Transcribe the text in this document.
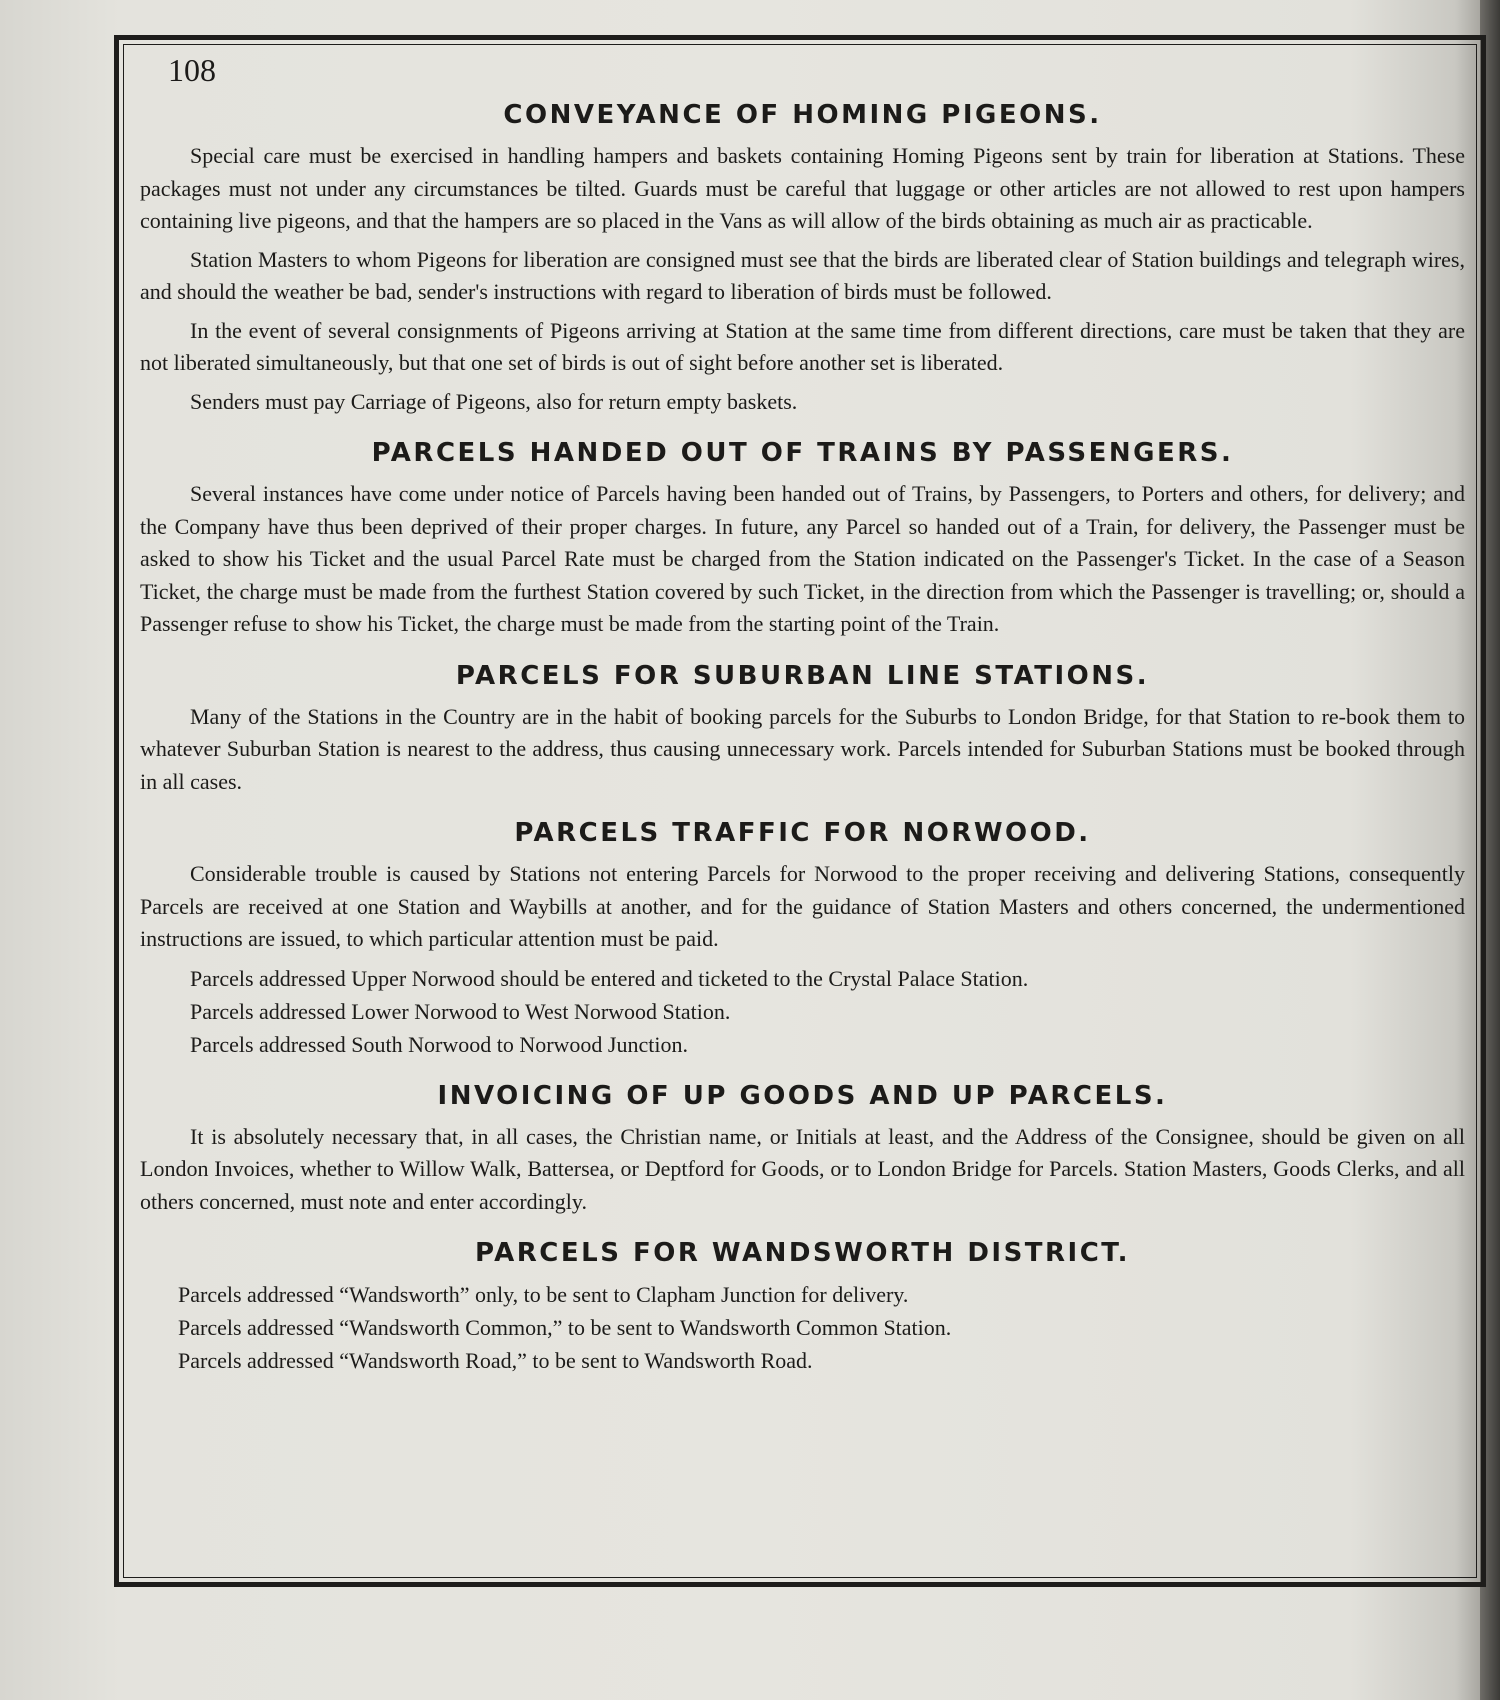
108
CONVEYANCE OF HOMING PIGEONS.

Special care must be exercised in handling hampers and baskets containing Homing Pigeons sent by train for liberation at Stations. These packages must not under any circumstances be tilted. Guards must be careful that luggage or other articles are not allowed to rest upon hampers containing live pigeons, and that the hampers are so placed in the Vans as will allow of the birds obtaining as much air as practicable.

Station Masters to whom Pigeons for liberation are consigned must see that the birds are liberated clear of Station buildings and telegraph wires, and should the weather be bad, sender's instructions with regard to liberation of birds must be followed.

In the event of several consignments of Pigeons arriving at Station at the same time from different directions, care must be taken that they are not liberated simultaneously, but that one set of birds is out of sight before another set is liberated.

Senders must pay Carriage of Pigeons, also for return empty baskets.

PARCELS HANDED OUT OF TRAINS BY PASSENGERS.

Several instances have come under notice of Parcels having been handed out of Trains, by Passengers, to Porters and others, for delivery; and the Company have thus been deprived of their proper charges. In future, any Parcel so handed out of a Train, for delivery, the Passenger must be asked to show his Ticket and the usual Parcel Rate must be charged from the Station indicated on the Passenger's Ticket. In the case of a Season Ticket, the charge must be made from the furthest Station covered by such Ticket, in the direction from which the Passenger is travelling; or, should a Passenger refuse to show his Ticket, the charge must be made from the starting point of the Train.

PARCELS FOR SUBURBAN LINE STATIONS.

Many of the Stations in the Country are in the habit of booking parcels for the Suburbs to London Bridge, for that Station to re-book them to whatever Suburban Station is nearest to the address, thus causing unnecessary work. Parcels intended for Suburban Stations must be booked through in all cases.

PARCELS TRAFFIC FOR NORWOOD.

Considerable trouble is caused by Stations not entering Parcels for Norwood to the proper receiving and delivering Stations, consequently Parcels are received at one Station and Waybills at another, and for the guidance of Station Masters and others concerned, the undermentioned instructions are issued, to which particular attention must be paid.

Parcels addressed Upper Norwood should be entered and ticketed to the Crystal Palace Station.

Parcels addressed Lower Norwood to West Norwood Station.

Parcels addressed South Norwood to Norwood Junction.

INVOICING OF UP GOODS AND UP PARCELS.

It is absolutely necessary that, in all cases, the Christian name, or Initials at least, and the Address of the Consignee, should be given on all London Invoices, whether to Willow Walk, Battersea, or Deptford for Goods, or to London Bridge for Parcels. Station Masters, Goods Clerks, and all others concerned, must note and enter accordingly.

PARCELS FOR WANDSWORTH DISTRICT.

Parcels addressed “Wandsworth” only, to be sent to Clapham Junction for delivery.

Parcels addressed “Wandsworth Common,” to be sent to Wandsworth Common Station.

Parcels addressed “Wandsworth Road,” to be sent to Wandsworth Road.
